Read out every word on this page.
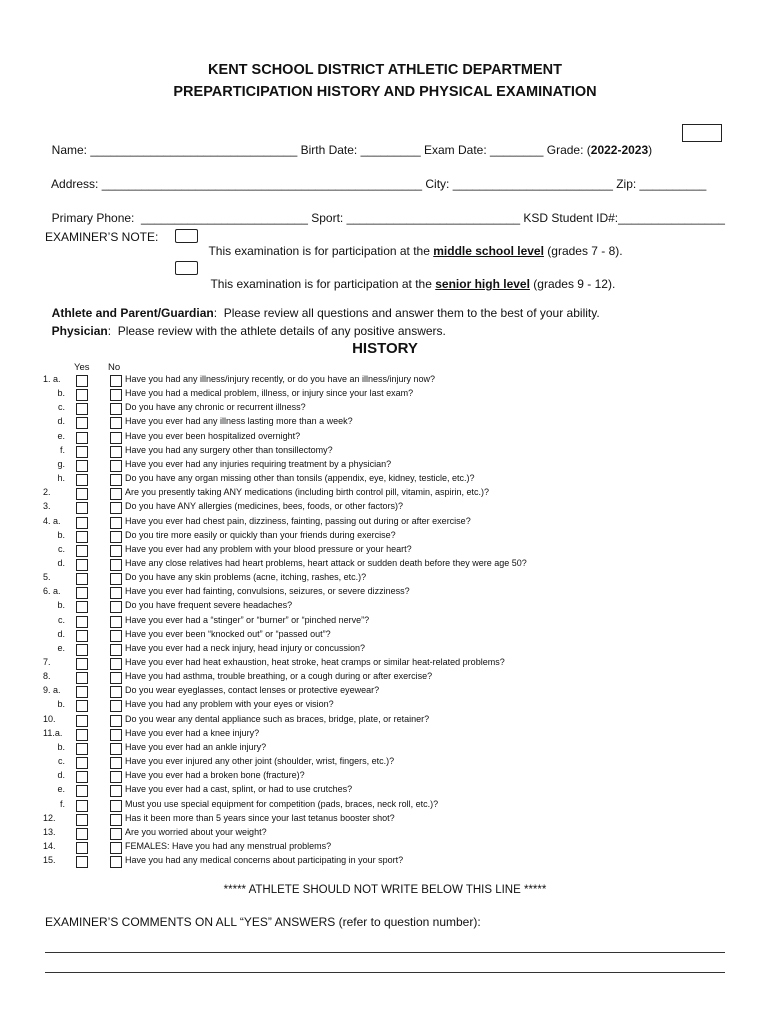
KENT SCHOOL DISTRICT ATHLETIC DEPARTMENT
PREPARTICIPATION HISTORY AND PHYSICAL EXAMINATION

Name: _______________________________ Birth Date: _________ Exam Date: ________ Grade: (2022-2023)

Address: ________________________________________________ City: ________________________ Zip: __________

Primary Phone:  _________________________ Sport: __________________________ KSD Student ID#:________________

EXAMINER’S NOTE:

This examination is for participation at the middle school level (grades 7 - 8).

This examination is for participation at the senior high level (grades 9 - 12).

Athlete and Parent/Guardian:  Please review all questions and answer them to the best of your ability.

Physician:  Please review with the athlete details of any positive answers.

HISTORY
Yes No
1. a.	Have you had any illness/injury recently, or do you have an illness/injury now?
b.	Have you had a medical problem, illness, or injury since your last exam?
c.	Do you have any chronic or recurrent illness?
d.	Have you ever had any illness lasting more than a week?
e.	Have you ever been hospitalized overnight?
f.	Have you had any surgery other than tonsillectomy?
g.	Have you ever had any injuries requiring treatment by a physician?
h.	Do you have any organ missing other than tonsils (appendix, eye, kidney, testicle, etc.)?
2.	Are you presently taking ANY medications (including birth control pill, vitamin, aspirin, etc.)?
3.	Do you have ANY allergies (medicines, bees, foods, or other factors)?
4. a.	Have you ever had chest pain, dizziness, fainting, passing out during or after exercise?
b.	Do you tire more easily or quickly than your friends during exercise?
c.	Have you ever had any problem with your blood pressure or your heart?
d.	Have any close relatives had heart problems, heart attack or sudden death before they were age 50?
5.	Do you have any skin problems (acne, itching, rashes, etc.)?
6. a.	Have you ever had fainting, convulsions, seizures, or severe dizziness?
b.	Do you have frequent severe headaches?
c.	Have you ever had a “stinger” or “burner” or “pinched nerve”?
d.	Have you ever been “knocked out” or “passed out”?
e.	Have you ever had a neck injury, head injury or concussion?
7.	Have you ever had heat exhaustion, heat stroke, heat cramps or similar heat-related problems?
8.	Have you had asthma, trouble breathing, or a cough during or after exercise?
9. a.	Do you wear eyeglasses, contact lenses or protective eyewear?
b.	Have you had any problem with your eyes or vision?
10.	Do you wear any dental appliance such as braces, bridge, plate, or retainer?
11.a.	Have you ever had a knee injury?
b.	Have you ever had an ankle injury?
c.	Have you ever injured any other joint (shoulder, wrist, fingers, etc.)?
d.	Have you ever had a broken bone (fracture)?
e.	Have you ever had a cast, splint, or had to use crutches?
f.	Must you use special equipment for competition (pads, braces, neck roll, etc.)?
12.	Has it been more than 5 years since your last tetanus booster shot?
13.	Are you worried about your weight?
14.	FEMALES: Have you had any menstrual problems?
15.	Have you had any medical concerns about participating in your sport?
***** ATHLETE SHOULD NOT WRITE BELOW THIS LINE *****
EXAMINER’S COMMENTS ON ALL “YES” ANSWERS (refer to question number):
